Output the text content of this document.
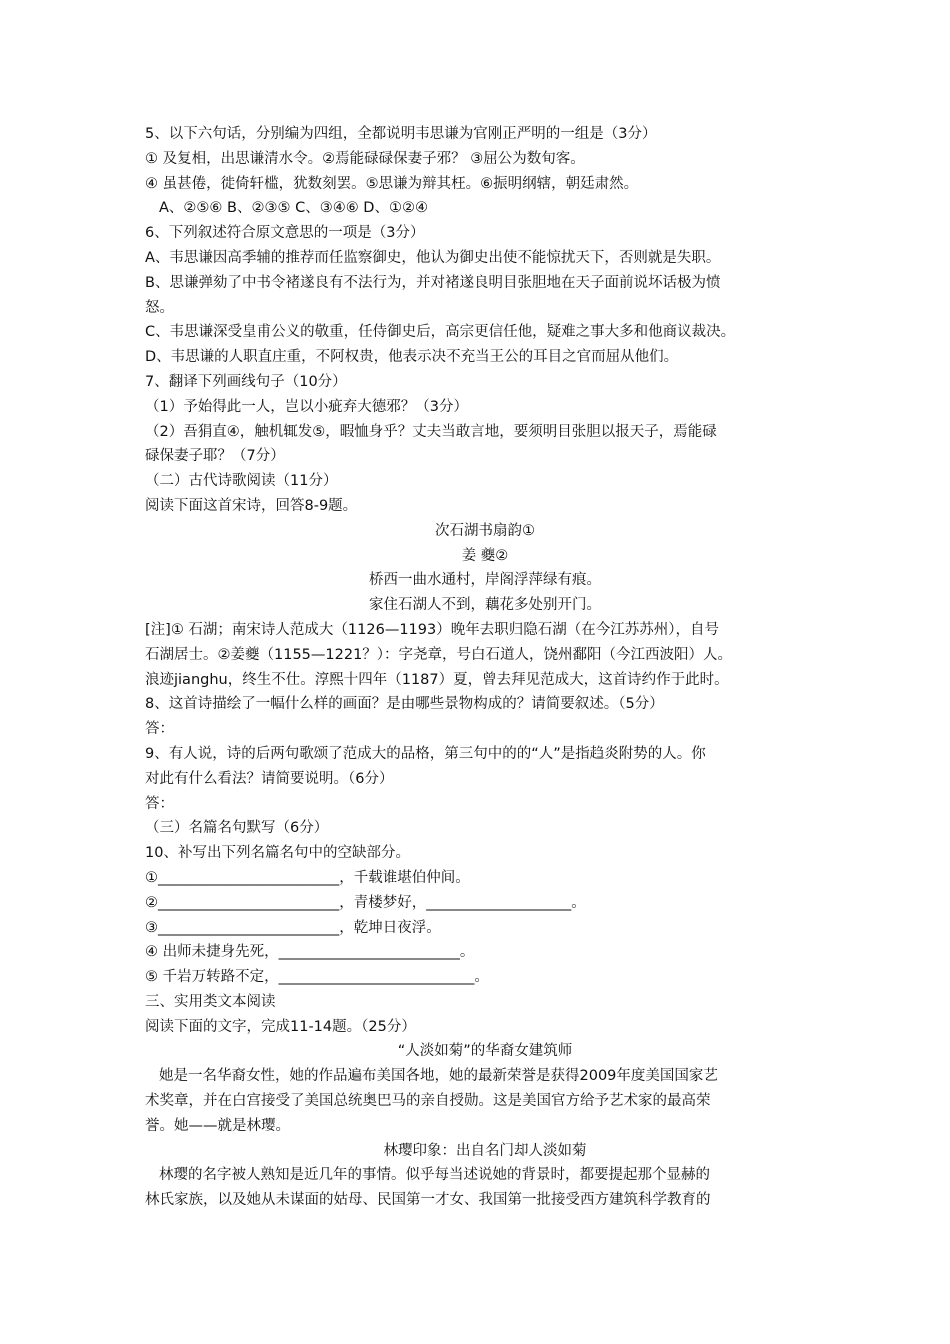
5、以下六句话，分别编为四组，全都说明韦思谦为官刚正严明的一组是（3分）
① 及复相，出思谦清水令。②焉能碌碌保妻子邪？ ③屈公为数旬客。
④ 虽甚倦，徙倚轩槛，犹数刻罢。⑤思谦为辩其枉。⑥振明纲辖，朝廷肃然。
A、②⑤⑥ B、②③⑤ C、③④⑥ D、①②④
6、下列叙述符合原文意思的一项是（3分）
A、韦思谦因高季辅的推荐而任监察御史，他认为御史出使不能惊扰天下，否则就是失职。
B、思谦弹劾了中书令褚遂良有不法行为，并对褚遂良明目张胆地在天子面前说坏话极为愤
怒。
C、韦思谦深受皇甫公义的敬重，任侍御史后，高宗更信任他，疑难之事大多和他商议裁决。
D、韦思谦的人职直庄重，不阿权贵，他表示决不充当王公的耳目之官而屈从他们。
7、翻译下列画线句子（10分）
（1）予始得此一人，岂以小疵弃大德邪？（3分）
（2）吾狷直④，触机辄发⑤，暇恤身乎？丈夫当敢言地，要须明目张胆以报天子，焉能碌
碌保妻子耶？（7分）
（二）古代诗歌阅读（11分）
阅读下面这首宋诗，回答8-9题。
次石湖书扇韵①
姜 夔②
桥西一曲水通村，岸阁浮萍绿有痕。
家住石湖人不到，藕花多处别开门。
[注]① 石湖；南宋诗人范成大（1126—1193）晚年去职归隐石湖（在今江苏苏州），自号
石湖居士。②姜夔（1155—1221？）：字尧章，号白石道人，饶州鄱阳（今江西波阳）人。
浪迹jianghu，终生不仕。淳熙十四年（1187）夏，曾去拜见范成大，这首诗约作于此时。
8、这首诗描绘了一幅什么样的画面？是由哪些景物构成的？请简要叙述。（5分）
答：
9、有人说，诗的后两句歌颂了范成大的品格，第三句中的的“人”是指趋炎附势的人。你
对此有什么看法？请简要说明。（6分）
答：
（三）名篇名句默写（6分）
10、补写出下列名篇名句中的空缺部分。
①_________________________，千载谁堪伯仲间。
②_________________________，青楼梦好，____________________。
③_________________________，乾坤日夜浮。
④ 出师未捷身先死，_________________________。
⑤ 千岩万转路不定，___________________________。
三、实用类文本阅读
阅读下面的文字，完成11-14题。（25分）
“人淡如菊”的华裔女建筑师
她是一名华裔女性，她的作品遍布美国各地，她的最新荣誉是获得2009年度美国国家艺
术奖章，并在白宫接受了美国总统奥巴马的亲自授勋。这是美国官方给予艺术家的最高荣
誉。她——就是林璎。
林璎印象：出自名门却人淡如菊
林璎的名字被人熟知是近几年的事情。似乎每当述说她的背景时，都要提起那个显赫的
林氏家族，以及她从未谋面的姑母、民国第一才女、我国第一批接受西方建筑科学教育的
